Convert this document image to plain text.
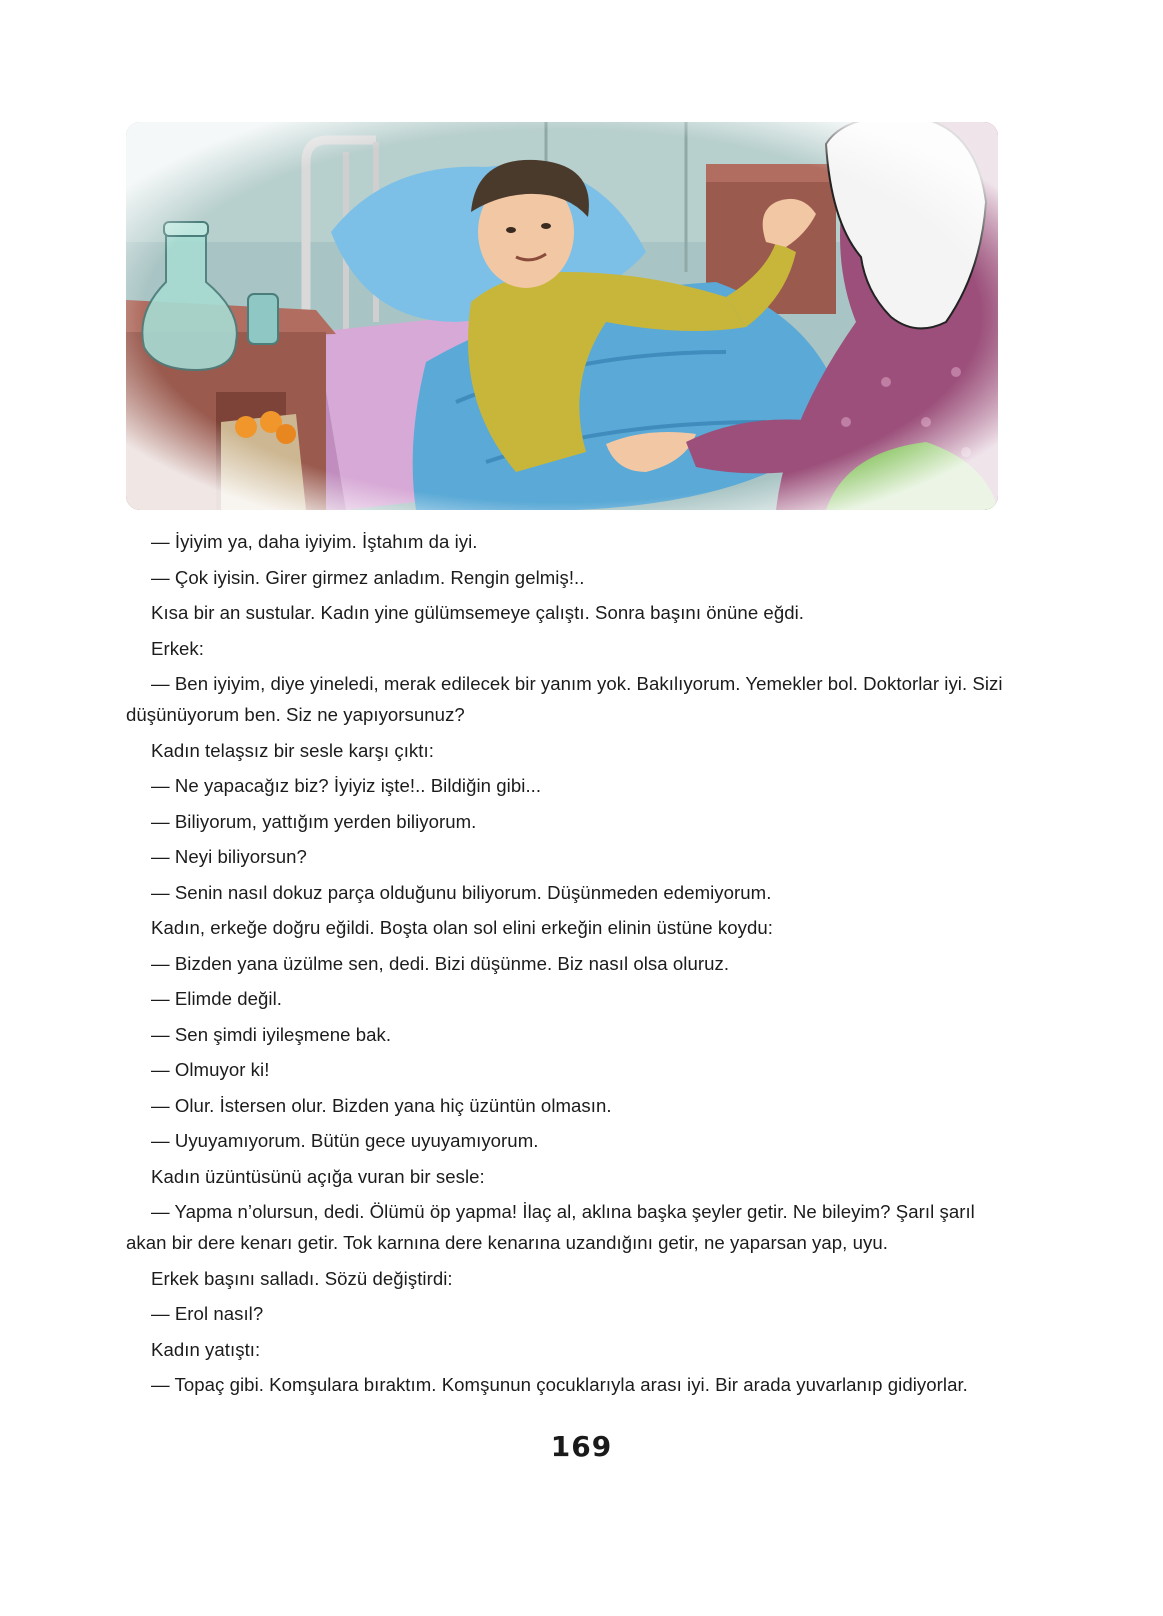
— İyiyim ya, daha iyiyim. İştahım da iyi.

— Çok iyisin. Girer girmez anladım. Rengin gelmiş!..

Kısa bir an sustular. Kadın yine gülümsemeye çalıştı. Sonra başını önüne eğdi.

Erkek:

— Ben iyiyim, diye yineledi, merak edilecek bir yanım yok. Bakılıyorum. Yemekler bol. Doktorlar iyi. Sizi düşünüyorum ben. Siz ne yapıyorsunuz?

Kadın telaşsız bir sesle karşı çıktı:

— Ne yapacağız biz? İyiyiz işte!.. Bildiğin gibi...

— Biliyorum, yattığım yerden biliyorum.

— Neyi biliyorsun?

— Senin nasıl dokuz parça olduğunu biliyorum. Düşünmeden edemiyorum.

Kadın, erkeğe doğru eğildi. Boşta olan sol elini erkeğin elinin üstüne koydu:

— Bizden yana üzülme sen, dedi. Bizi düşünme. Biz nasıl olsa oluruz.

— Elimde değil.

— Sen şimdi iyileşmene bak.

— Olmuyor ki!

— Olur. İstersen olur. Bizden yana hiç üzüntün olmasın.

— Uyuyamıyorum. Bütün gece uyuyamıyorum.

Kadın üzüntüsünü açığa vuran bir sesle:

— Yapma n’olursun, dedi. Ölümü öp yapma! İlaç al, aklına başka şeyler getir. Ne bileyim? Şarıl şarıl akan bir dere kenarı getir. Tok karnına dere kenarına uzandığını getir, ne yaparsan yap, uyu.

Erkek başını salladı. Sözü değiştirdi:

— Erol nasıl?

Kadın yatıştı:

— Topaç gibi. Komşulara bıraktım. Komşunun çocuklarıyla arası iyi. Bir arada yuvarlanıp gidiyorlar.

169
